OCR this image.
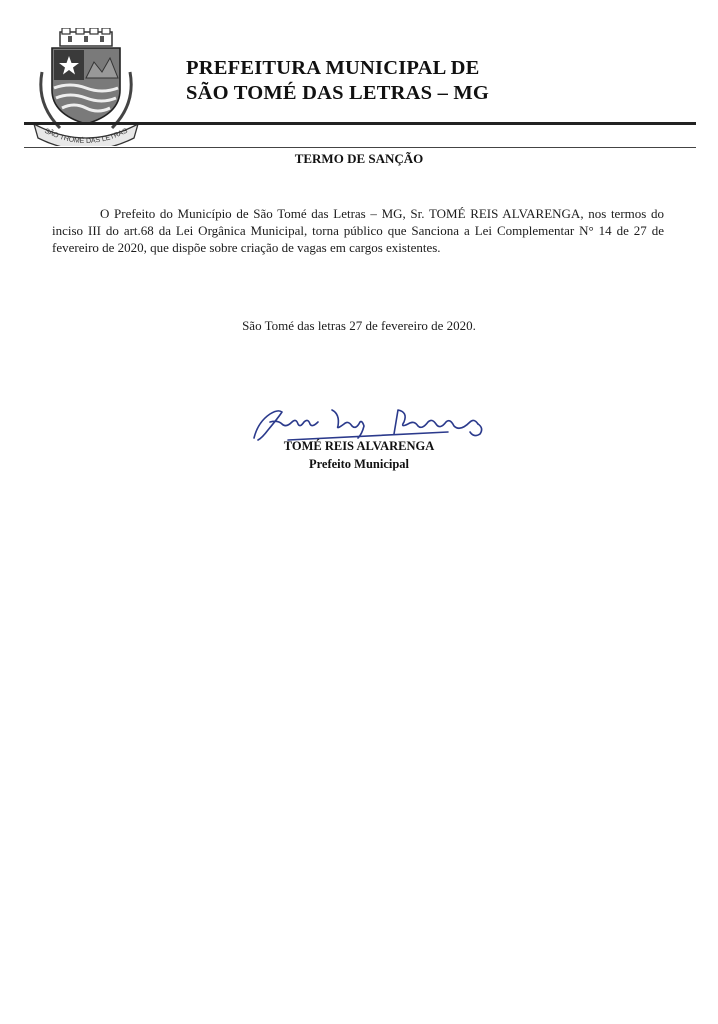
SÃO THOMÉ DAS LETRAS
PREFEITURA MUNICIPAL DE
SÃO TOMÉ DAS LETRAS – MG
TERMO DE SANÇÃO

O Prefeito do Município de São Tomé das Letras – MG, Sr. TOMÉ REIS ALVARENGA, nos termos do inciso III do art.68 da Lei Orgânica Municipal, torna público que Sanciona a Lei Complementar N° 14 de 27 de fevereiro de 2020, que dispõe sobre criação de vagas em cargos existentes.

São Tomé das letras 27 de fevereiro de 2020.
TOMÉ REIS ALVARENGA
Prefeito Municipal
